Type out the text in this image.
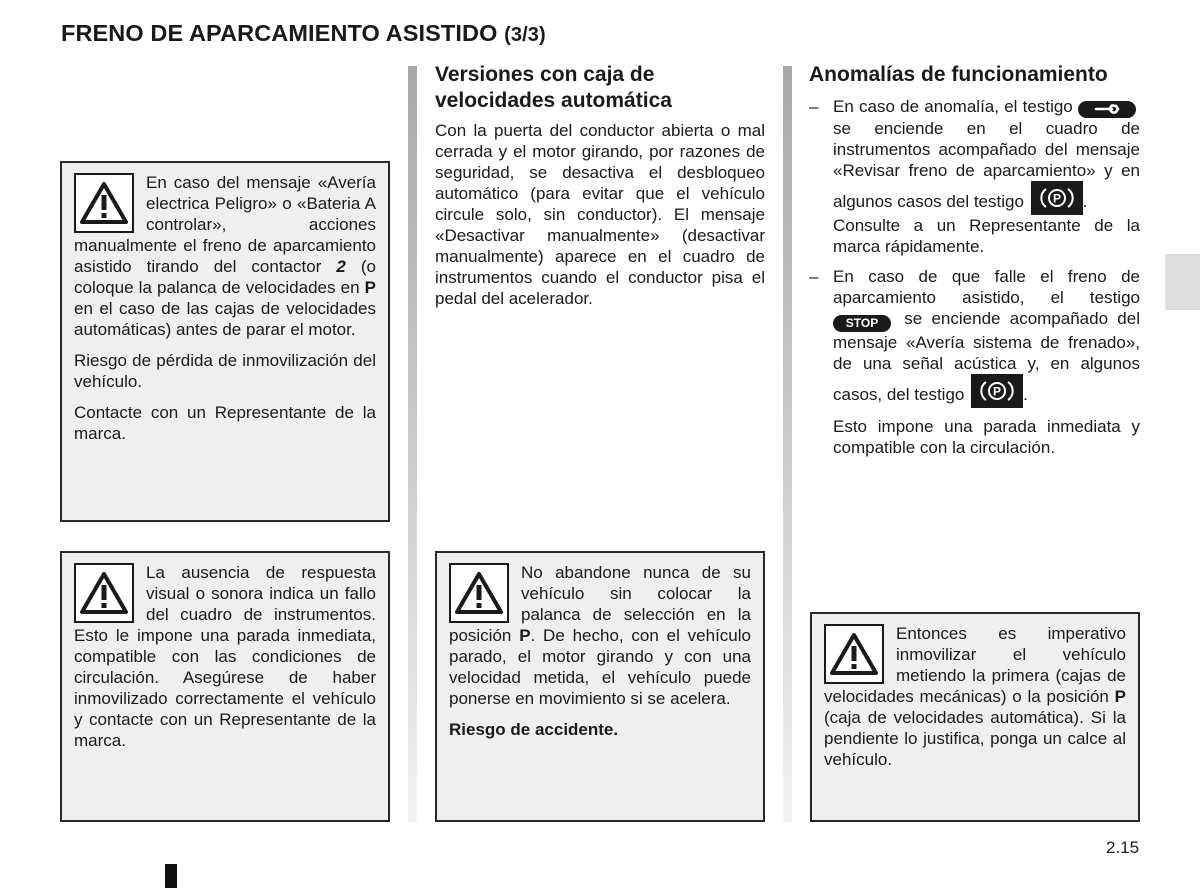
FRENO DE APARCAMIENTO ASISTIDO (3/3)
2.15

En caso del mensaje «Avería electrica Peligro» o «Bateria A controlar», acciones manualmente el freno de aparcamiento asistido tirando del contactor 2 (o coloque la palanca de velocidades en P en el caso de las cajas de velocidades automáticas) antes de parar el motor.

Riesgo de pérdida de inmovilización del vehículo.

Contacte con un Representante de la marca.

La ausencia de respuesta visual o sonora indica un fallo del cuadro de instrumentos. Esto le impone una parada inmediata, compatible con las condiciones de circulación. Asegúrese de haber inmovilizado correctamente el vehículo y contacte con un Representante de la marca.

Versiones con caja de velocidades automática

Con la puerta del conductor abierta o mal cerrada y el motor girando, por razones de seguridad, se desactiva el desbloqueo automático (para evitar que el vehículo circule solo, sin conductor). El mensaje «Desactivar manualmente» (desactivar manualmente) aparece en el cuadro de instrumentos cuando el conductor pisa el pedal del acelerador.

No abandone nunca de su vehículo sin colocar la palanca de selección en la posición P. De hecho, con el vehículo parado, el motor girando y con una velocidad metida, el vehículo puede ponerse en movimiento si se acelera.

Riesgo de accidente.

Anomalías de funcionamiento

– En caso de anomalía, el testigo  se enciende en el cuadro de instrumentos acompañado del mensaje «Revisar freno de aparcamiento» y en algunos casos del testigo P .

Consulte a un Representante de la marca rápidamente.

– En caso de que falle el freno de aparcamiento asistido, el testigo STOP se enciende acompañado del mensaje «Avería sistema de frenado», de una señal acústica y, en algunos casos, del testigo P .

Esto impone una parada inmediata y compatible con la circulación.

Entonces es imperativo inmovilizar el vehículo metiendo la primera (cajas de velocidades mecánicas) o la posición P (caja de velocidades automática). Si la pendiente lo justifica, ponga un calce al vehículo.
